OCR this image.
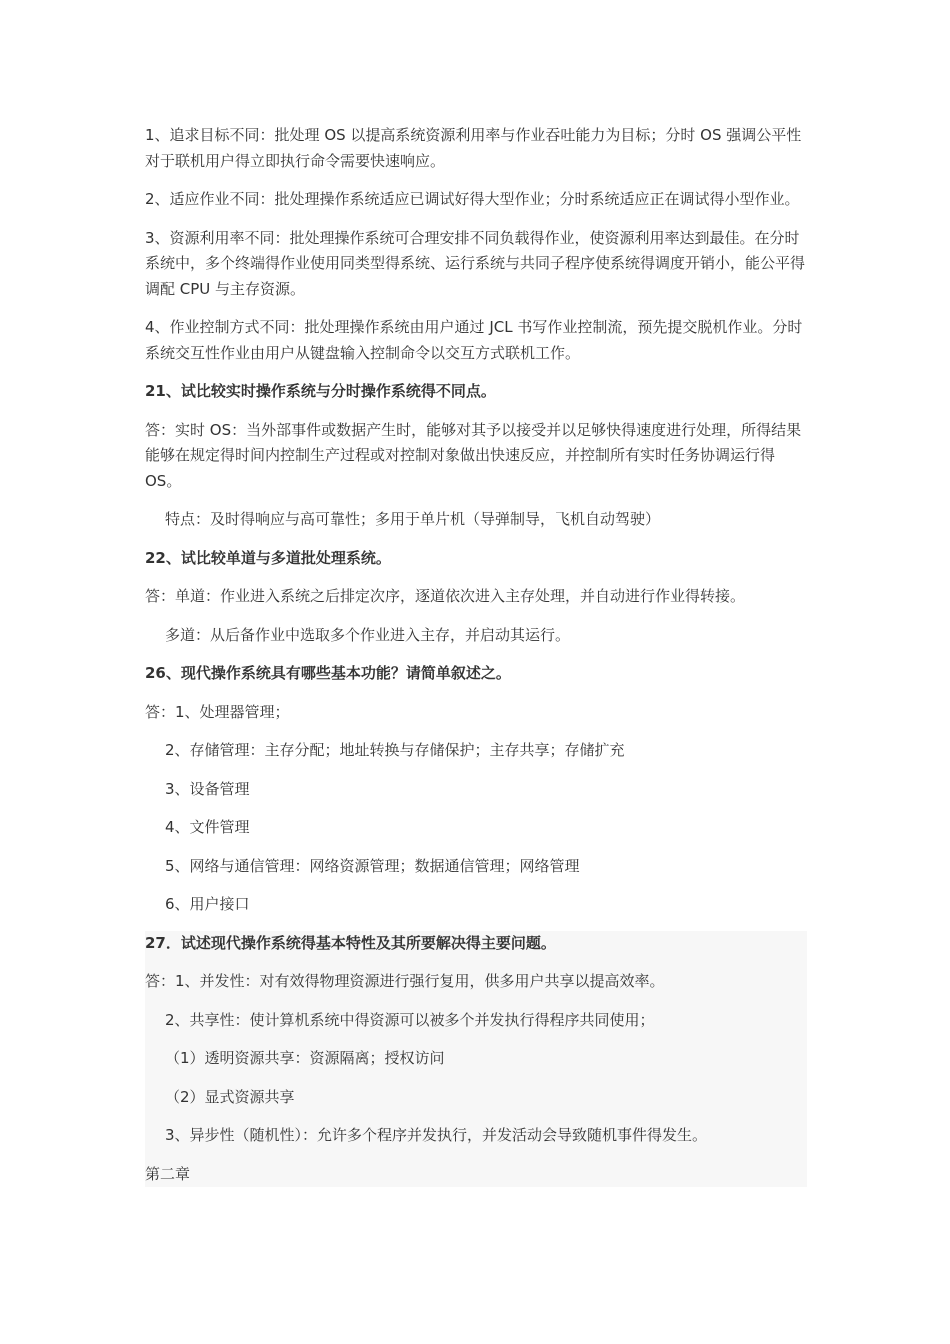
1、追求目标不同：批处理 OS 以提高系统资源利用率与作业吞吐能力为目标；分时 OS 强调公平性对于联机用户得立即执行命令需要快速响应。

2、适应作业不同：批处理操作系统适应已调试好得大型作业；分时系统适应正在调试得小型作业。

3、资源利用率不同：批处理操作系统可合理安排不同负载得作业，使资源利用率达到最佳。在分时系统中，多个终端得作业使用同类型得系统、运行系统与共同子程序使系统得调度开销小，能公平得调配 CPU 与主存资源。

4、作业控制方式不同：批处理操作系统由用户通过 JCL 书写作业控制流，预先提交脱机作业。分时系统交互性作业由用户从键盘输入控制命令以交互方式联机工作。

21、试比较实时操作系统与分时操作系统得不同点。

答：实时 OS：当外部事件或数据产生时，能够对其予以接受并以足够快得速度进行处理，所得结果能够在规定得时间内控制生产过程或对控制对象做出快速反应，并控制所有实时任务协调运行得 OS。

特点：及时得响应与高可靠性；多用于单片机（导弹制导，飞机自动驾驶）

22、试比较单道与多道批处理系统。

答：单道：作业进入系统之后排定次序，逐道依次进入主存处理，并自动进行作业得转接。

多道：从后备作业中选取多个作业进入主存，并启动其运行。

26、现代操作系统具有哪些基本功能？请简单叙述之。

答：1、处理器管理；

2、存储管理：主存分配；地址转换与存储保护；主存共享；存储扩充

3、设备管理

4、文件管理

5、网络与通信管理：网络资源管理；数据通信管理；网络管理

6、用户接口

27．试述现代操作系统得基本特性及其所要解决得主要问题。

答：1、并发性：对有效得物理资源进行强行复用，供多用户共享以提高效率。

2、共享性：使计算机系统中得资源可以被多个并发执行得程序共同使用；

（1）透明资源共享：资源隔离；授权访问

（2）显式资源共享

3、异步性（随机性）：允许多个程序并发执行，并发活动会导致随机事件得发生。

第二章
